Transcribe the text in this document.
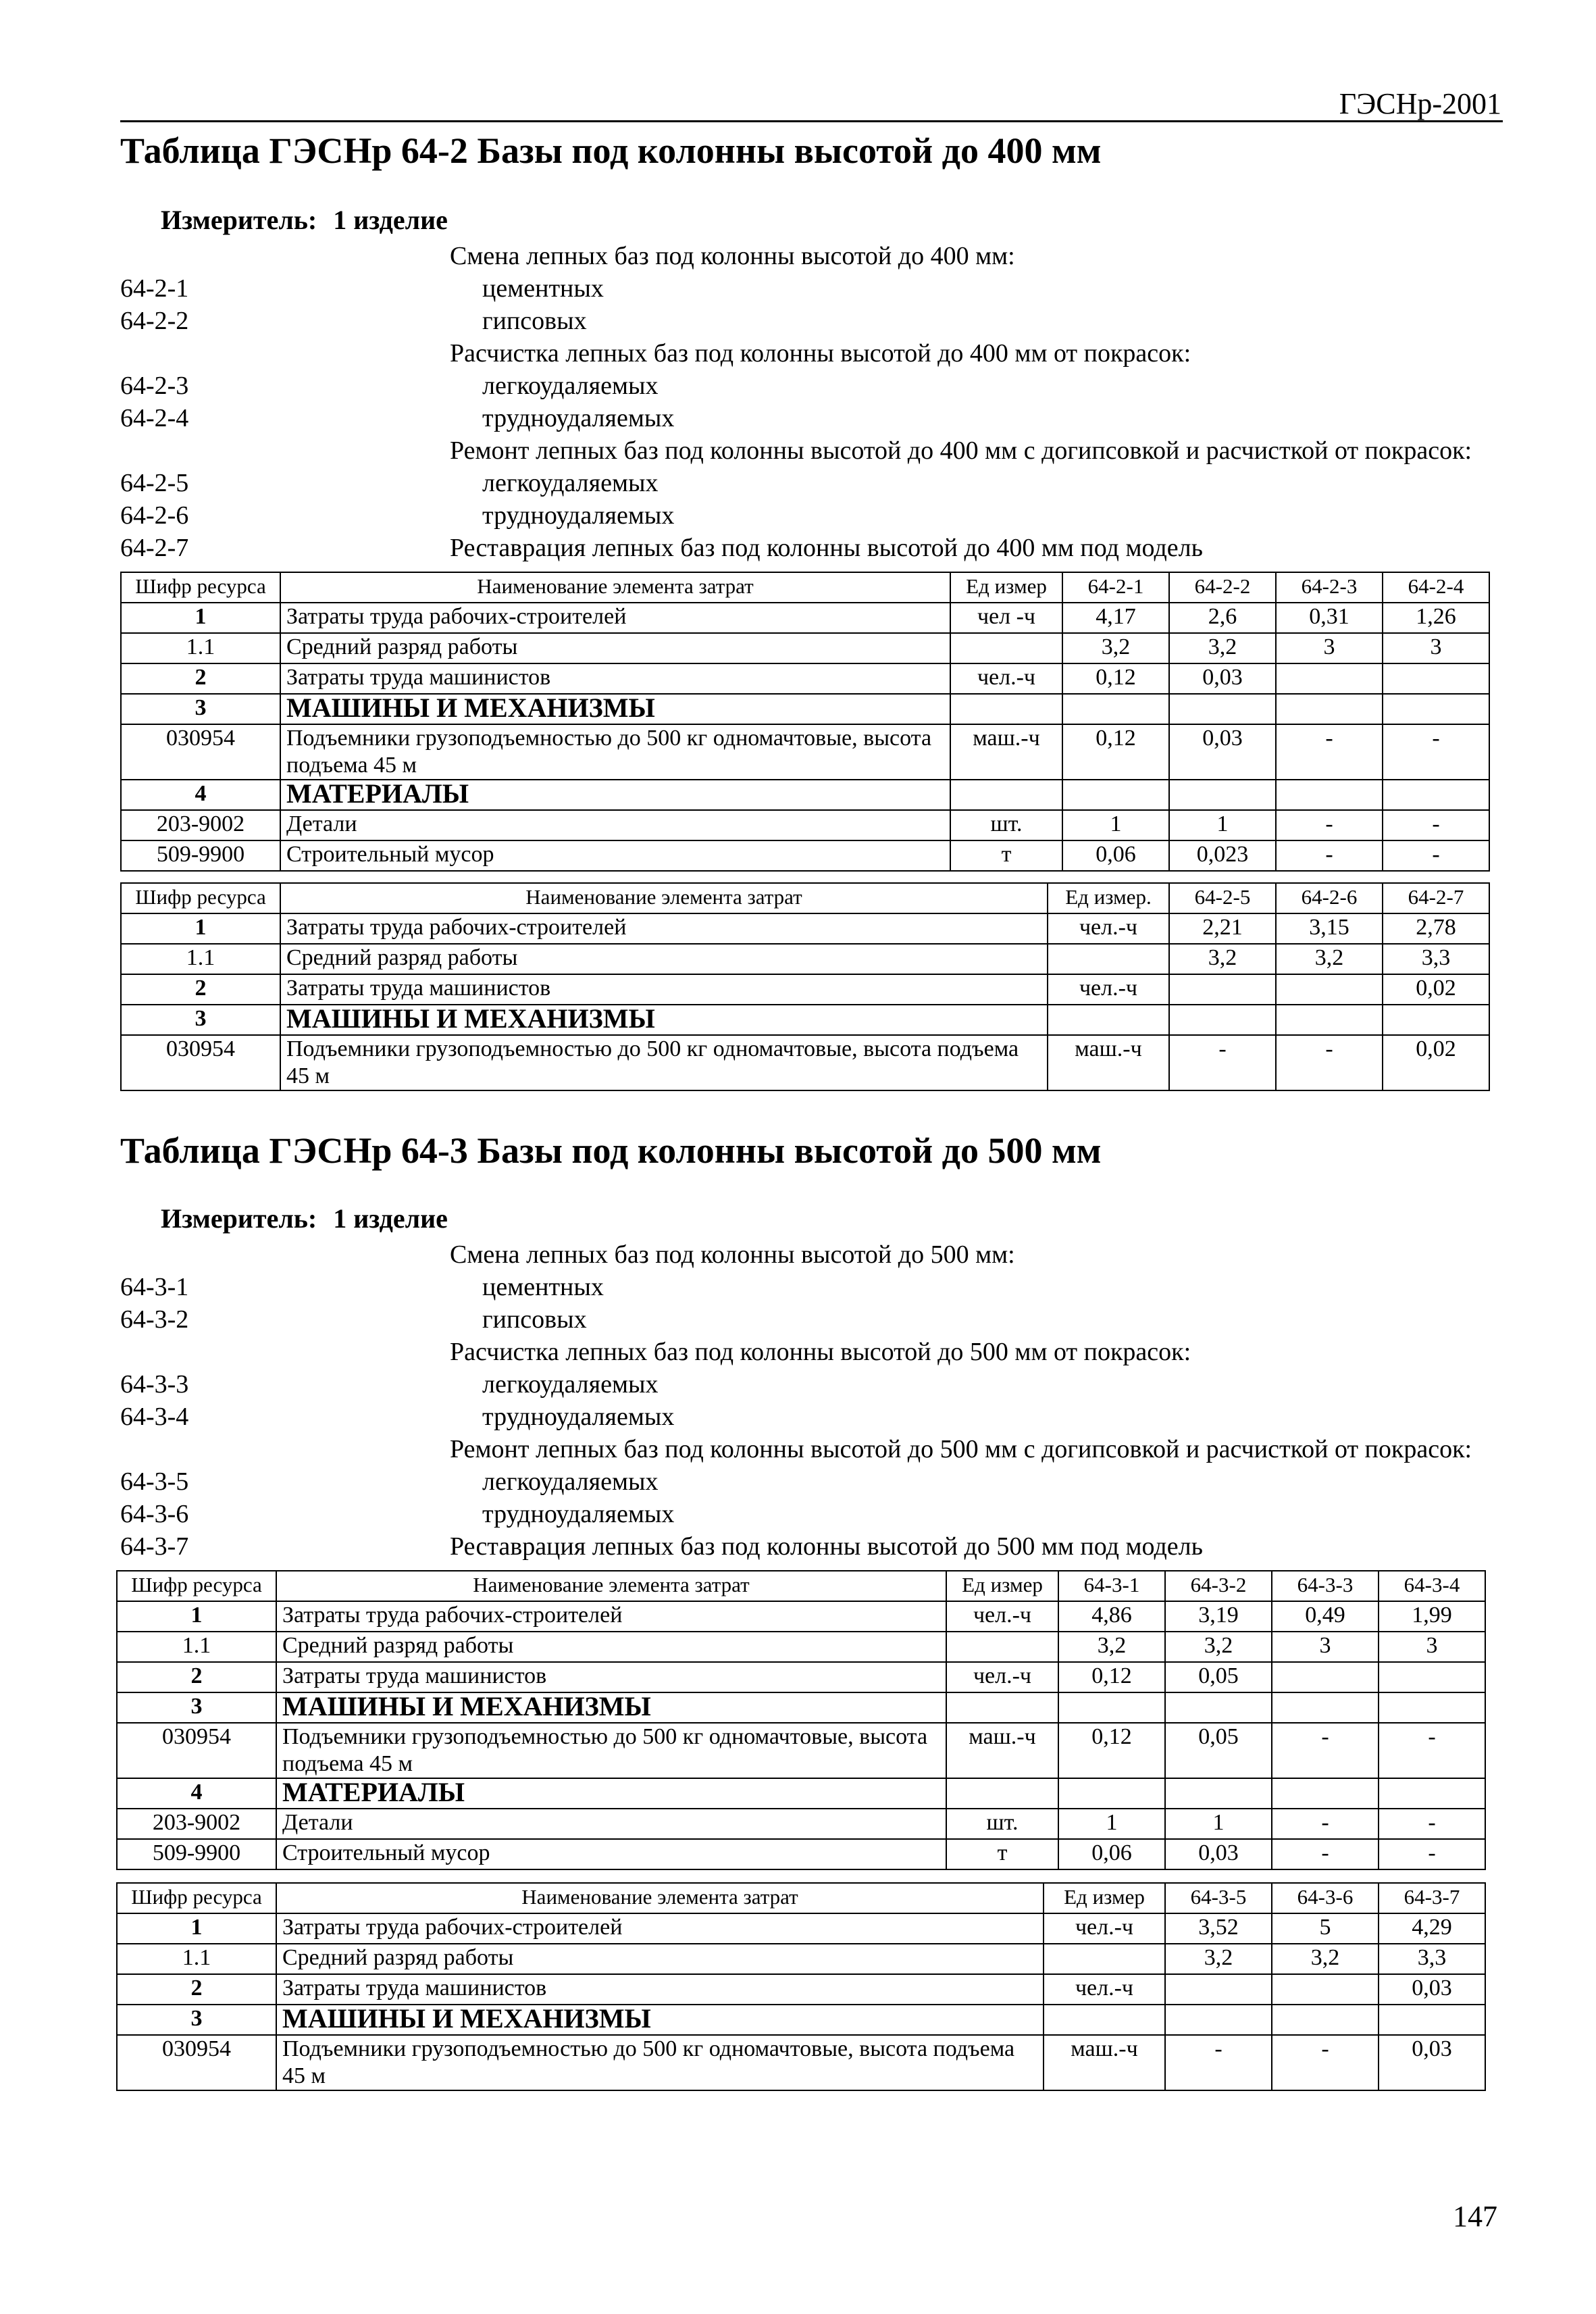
ГЭСНр-2001
Таблица ГЭСНр 64-2 Базы под колонны высотой до 400 мм
Измеритель: 1 изделие
Смена лепных баз под колонны высотой до 400 мм:
64-2-1	цементных
64-2-2	гипсовых
Расчистка лепных баз под колонны высотой до 400 мм от покрасок:
64-2-3	легкоудаляемых
64-2-4	трудноудаляемых
Ремонт лепных баз под колонны высотой до 400 мм с догипсовкой и расчисткой от покрасок:
64-2-5	легкоудаляемых
64-2-6	трудноудаляемых
64-2-7	Реставрация лепных баз под колонны высотой до 400 мм под модель
Шифр ресурса	Наименование элемента затрат	Ед измер	64-2-1	64-2-2	64-2-3	64-2-4
1	Затраты труда рабочих-строителей	чел -ч	4,17	2,6	0,31	1,26
1.1	Средний разряд работы		3,2	3,2	3	3
2	Затраты труда машинистов	чел.-ч	0,12	0,03		
3	МАШИНЫ И МЕХАНИЗМЫ					
030954	Подъемники грузоподъемностью до 500 кг одномачтовые, высота подъема 45 м	маш.-ч	0,12	0,03	-	-
4	МАТЕРИАЛЫ					
203-9002	Детали	шт.	1	1	-	-
509-9900	Строительный мусор	т	0,06	0,023	-	-
Шифр ресурса	Наименование элемента затрат	Ед измер.	64-2-5	64-2-6	64-2-7
1	Затраты труда рабочих-строителей	чел.-ч	2,21	3,15	2,78
1.1	Средний разряд работы		3,2	3,2	3,3
2	Затраты труда машинистов	чел.-ч			0,02
3	МАШИНЫ И МЕХАНИЗМЫ				
030954	Подъемники грузоподъемностью до 500 кг одномачтовые, высота подъема 45 м	маш.-ч	-	-	0,02
Таблица ГЭСНр 64-3 Базы под колонны высотой до 500 мм
Измеритель: 1 изделие
Смена лепных баз под колонны высотой до 500 мм:
64-3-1	цементных
64-3-2	гипсовых
Расчистка лепных баз под колонны высотой до 500 мм от покрасок:
64-3-3	легкоудаляемых
64-3-4	трудноудаляемых
Ремонт лепных баз под колонны высотой до 500 мм с догипсовкой и расчисткой от покрасок:
64-3-5	легкоудаляемых
64-3-6	трудноудаляемых
64-3-7	Реставрация лепных баз под колонны высотой до 500 мм под модель
Шифр ресурса	Наименование элемента затрат	Ед измер	64-3-1	64-3-2	64-3-3	64-3-4
1	Затраты труда рабочих-строителей	чел.-ч	4,86	3,19	0,49	1,99
1.1	Средний разряд работы		3,2	3,2	3	3
2	Затраты труда машинистов	чел.-ч	0,12	0,05		
3	МАШИНЫ И МЕХАНИЗМЫ					
030954	Подъемники грузоподъемностью до 500 кг одномачтовые, высота подъема 45 м	маш.-ч	0,12	0,05	-	-
4	МАТЕРИАЛЫ					
203-9002	Детали	шт.	1	1	-	-
509-9900	Строительный мусор	т	0,06	0,03	-	-
Шифр ресурса	Наименование элемента затрат	Ед измер	64-3-5	64-3-6	64-3-7
1	Затраты труда рабочих-строителей	чел.-ч	3,52	5	4,29
1.1	Средний разряд работы		3,2	3,2	3,3
2	Затраты труда машинистов	чел.-ч			0,03
3	МАШИНЫ И МЕХАНИЗМЫ				
030954	Подъемники грузоподъемностью до 500 кг одномачтовые, высота подъема 45 м	маш.-ч	-	-	0,03
147
